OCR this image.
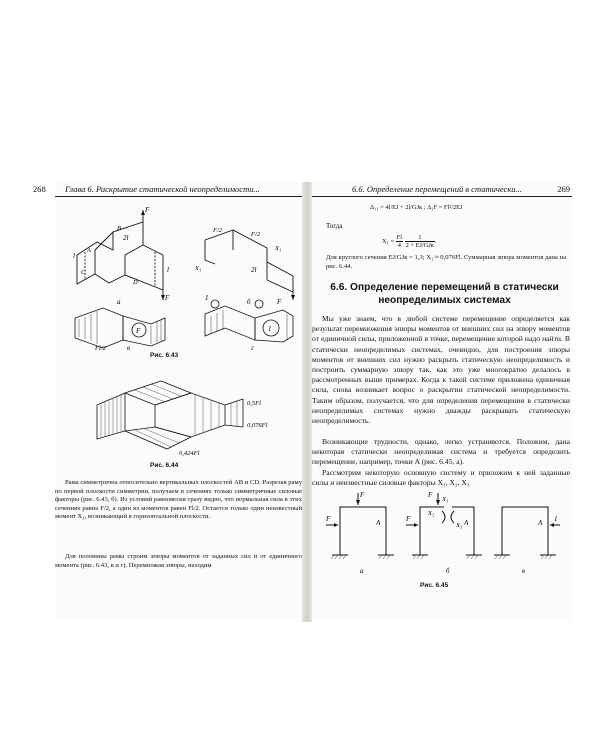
268 Глава 6. Раскрытие статической неопределимости...
F
F
l
l
2l
A
B
C
D
а	F
F/2
F/2
X₁
X₁
2l
б
F
Fl/2	в
1
1
г
Рис. 6.43
0,5Fl
0,076Fl
0,424Fl
Рис. 6.44

Рама симметрична относительно вертикальных плоскостей AB и CD. Разрезая раму по первой плоскости симметрии, получаем в сечениях только симметричные силовые факторы (рис. 6.43, б). Из условий равновесия сразу видно, что нормальная сила в этих сечениях равна F/2, а один из моментов равен Fl/2. Остается только один неизвестный момент X₁, возникающий в горизонтальной плоскости.

Для половины рамы строим эпюры моментов от заданных сил и от единичного момента (рис. 6.43, в и г). Перемножая эпюры, находим

6.6. Определение перемещений в статически...	269
Δ₁₁ = 4l/EJ + 2l/GJк ; Δ₁F = Fl²/2EJ
Тогда
$X_1 = \frac{Fl}{4}$
$\frac{1}{\text{2 + EJ/GJк}}$ .

Для круглого сечения EJ/GJк = 1,3; X₁ ≈ 0,076Fl. Суммарная эпюра моментов дана на рис. 6.44.

6.6. Определение перемещений в статически неопределимых системах

Мы уже знаем, что в любой системе перемещение определяется как результат перемножения эпюры моментов от внешних сил на эпюру моментов от единичной силы, приложенной в точке, перемещение которой надо найти. В статически неопределимых системах, очевидно, для построения эпюры моментов от внешних сил нужно раскрыть статическую неопределимость и построить суммарную эпюру так, как это уже многократно делалось в рассмотренных выше примерах. Когда к такой системе приложена единичная сила, снова возникает вопрос о раскрытии статической неопределимости. Таким образом, получается, что для определения перемещения в статически неопределимых системах нужно дважды раскрывать статическую неопределимость.

Возникающие трудности, однако, легко устраняются. Положим, дана некоторая статически неопределимая система и требуется определить перемещение, например, точки A (рис. 6.45, а).

Рассмотрим некоторую основную систему и приложим к ней заданные силы и неизвестные силовые факторы X₁, X₂, X₃

F
F
A	F
F
A
X₁
X₂
X₃	A 1
а	б	в
Рис. 6.45
